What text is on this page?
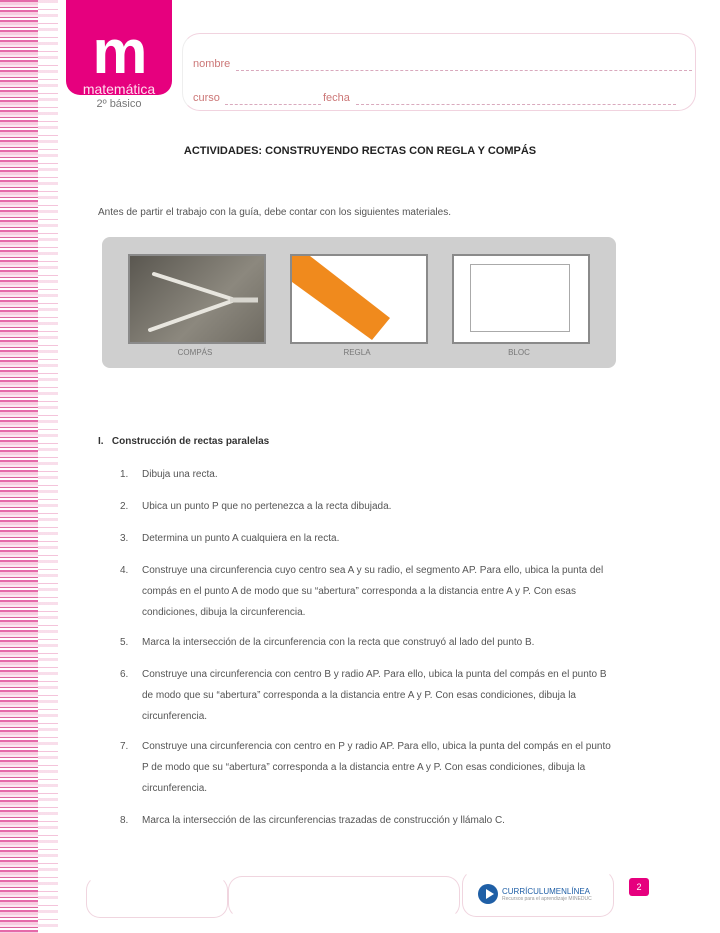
m
matemática
2º básico
nombre
curso	fecha
ACTIVIDADES: CONSTRUYENDO RECTAS CON REGLA Y COMPÁS
Antes de partir el trabajo con la guía, debe contar con los siguientes materiales.
COMPÁS	REGLA	BLOC
I. Construcción de rectas paralelas
1. Dibuja una recta.
2. Ubica un punto P que no pertenezca a la recta dibujada.
3. Determina un punto A cualquiera en la recta.
4. Construye una circunferencia cuyo centro sea A y su radio, el segmento AP. Para ello, ubica la punta del compás en el punto A de modo que su “abertura” corresponda a la distancia entre A y P. Con esas condiciones, dibuja la circunferencia.
5. Marca la intersección de la circunferencia con la recta que construyó al lado del punto B.
6. Construye una circunferencia con centro B y radio AP. Para ello, ubica la punta del compás en el punto B de modo que su “abertura” corresponda a la distancia entre A y P. Con esas condiciones, dibuja la circunferencia.
7. Construye una circunferencia con centro en P y radio AP. Para ello, ubica la punta del compás en el punto P de modo que su “abertura” corresponda a la distancia entre A y P. Con esas condiciones, dibuja la circunferencia.
8. Marca la intersección de las circunferencias trazadas de construcción y llámalo C.
CURRÍCULUMENLÍNEA
Recursos para el aprendizaje MINEDUC
2
